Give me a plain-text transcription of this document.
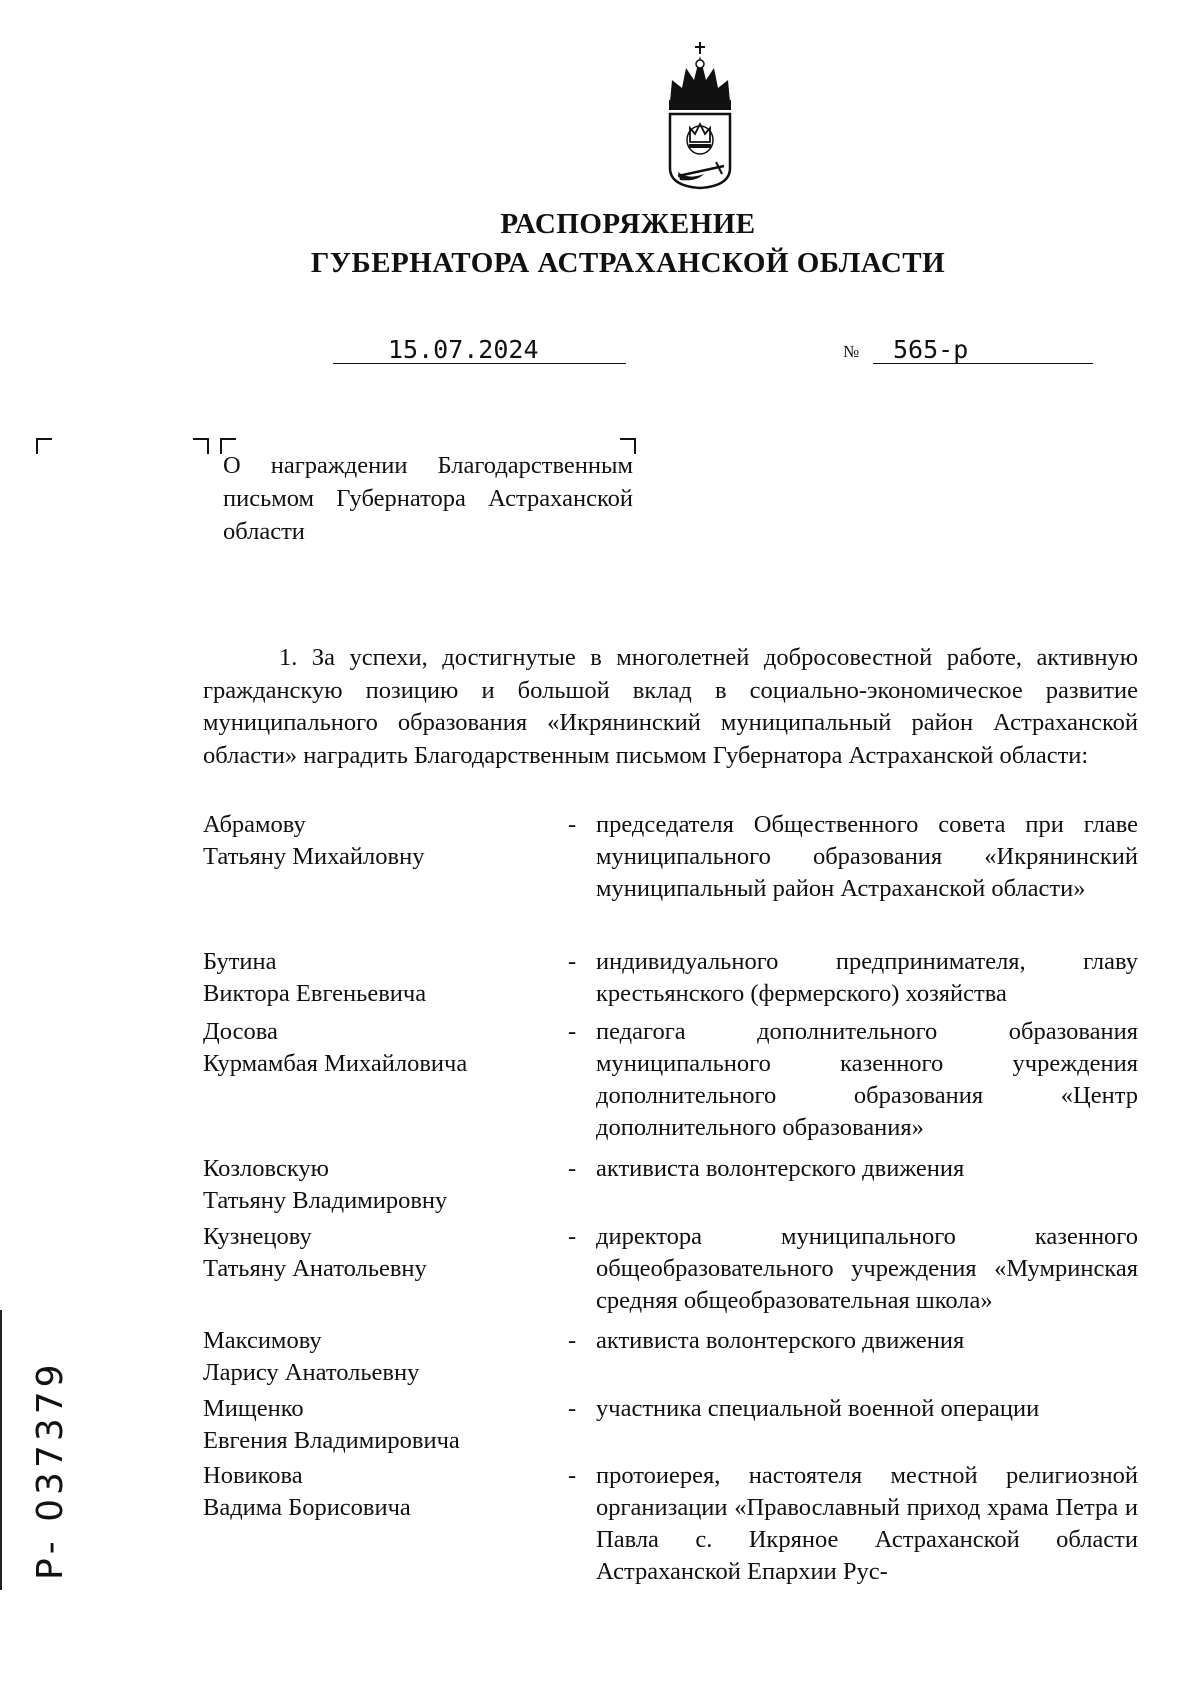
РАСПОРЯЖЕНИЕ
ГУБЕРНАТОРА АСТРАХАНСКОЙ ОБЛАСТИ
15.07.2024	№ 565-р
О награждении Благодарственным письмом Губернатора Астраханской области
1. За успехи, достигнутые в многолетней добросовестной работе, активную гражданскую позицию и большой вклад в социально-экономическое развитие муниципального образования «Икрянинский муниципальный район Астраханской области» наградить Благодарственным письмом Губернатора Астраханской области:
Абрамову
Татьяну Михайловну
- председателя Общественного совета при главе муниципального образования «Икрянинский муниципальный район Астраханской области»
Бутина
Виктора Евгеньевича
- индивидуального предпринимателя, главу крестьянского (фермерского) хозяйства
Досова
Курмамбая Михайловича
- педагога дополнительного образования муниципального казенного учреждения дополнительного образования «Центр дополнительного образования»
Козловскую
Татьяну Владимировну
- активиста волонтерского движения
Кузнецову
Татьяну Анатольевну
- директора муниципального казенного общеобразовательного учреждения «Мумринская средняя общеобразовательная школа»
Максимову
Ларису Анатольевну
- активиста волонтерского движения
Мищенко
Евгения Владимировича
- участника специальной военной операции
Новикова
Вадима Борисовича
- протоиерея, настоятеля местной религиозной организации «Православный приход храма Петра и Павла с. Икряное Астраханской области Астраханской Епархии Рус-
Р- 037379
